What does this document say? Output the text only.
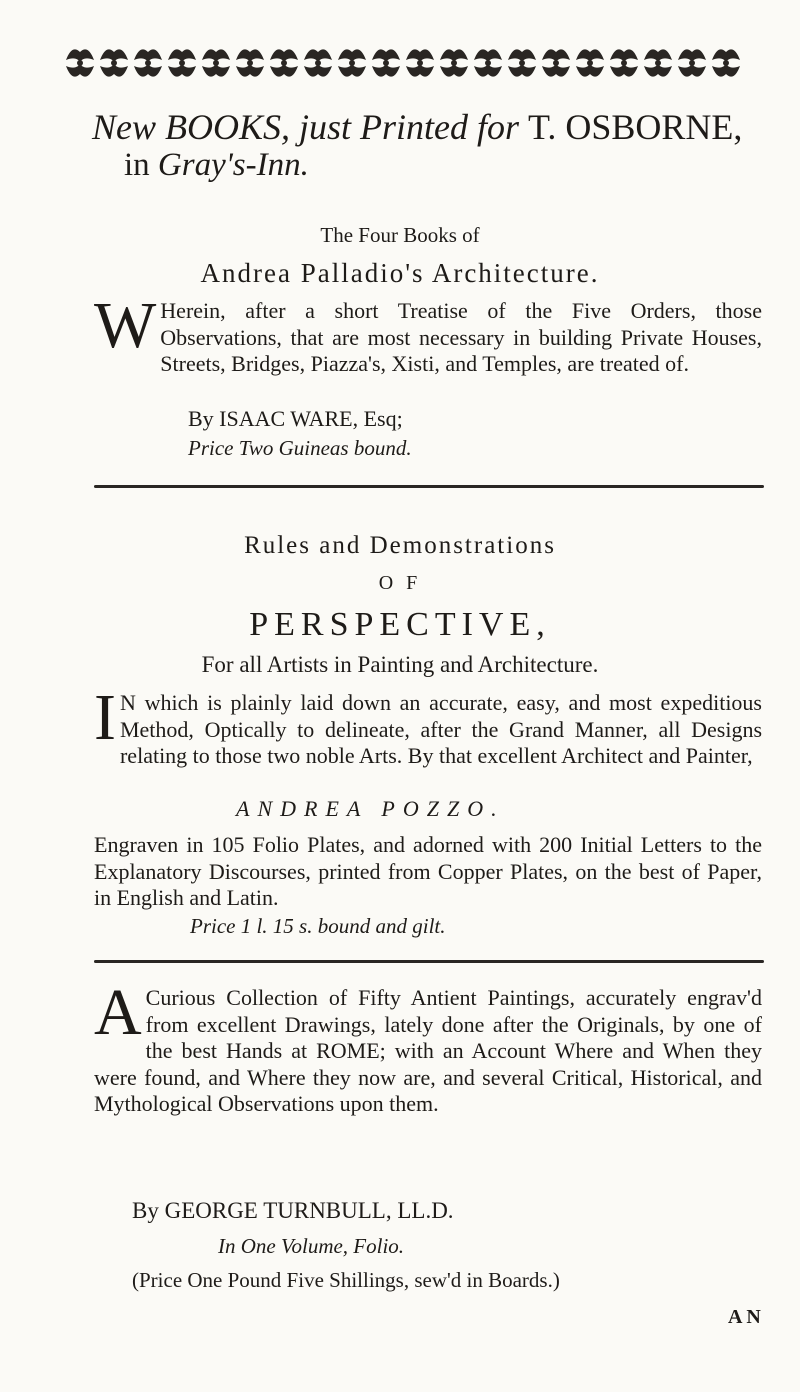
New BOOKS, just Printed for T. OSBORNE,
in Gray's-Inn.
The Four Books of
Andrea Palladio's Architecture.
W Herein, after a short Treatise of the Five Orders, those Observations, that are most necessary in building Private Houses, Streets, Bridges, Piazza's, Xisti, and Temples, are treated of.
By ISAAC WARE, Esq;
Price Two Guineas bound.
Rules and Demonstrations
O F
PERSPECTIVE,
For all Artists in Painting and Architecture.
I N which is plainly laid down an accurate, easy, and most expeditious Method, Optically to delineate, after the Grand Manner, all Designs relating to those two noble Arts. By that excellent Architect and Painter,
ANDREA POZZO.
Engraven in 105 Folio Plates, and adorned with 200 Initial Letters to the Explanatory Discourses, printed from Copper Plates, on the best of Paper, in English and Latin.
Price 1 l. 15 s. bound and gilt.
A Curious Collection of Fifty Antient Paintings, accurately engrav'd from excellent Drawings, lately done after the Originals, by one of the best Hands at ROME; with an Account Where and When they were found, and Where they now are, and several Critical, Historical, and Mythological Observations upon them.
By GEORGE TURNBULL, LL.D.
In One Volume, Folio.
(Price One Pound Five Shillings, sew'd in Boards.)
A N
